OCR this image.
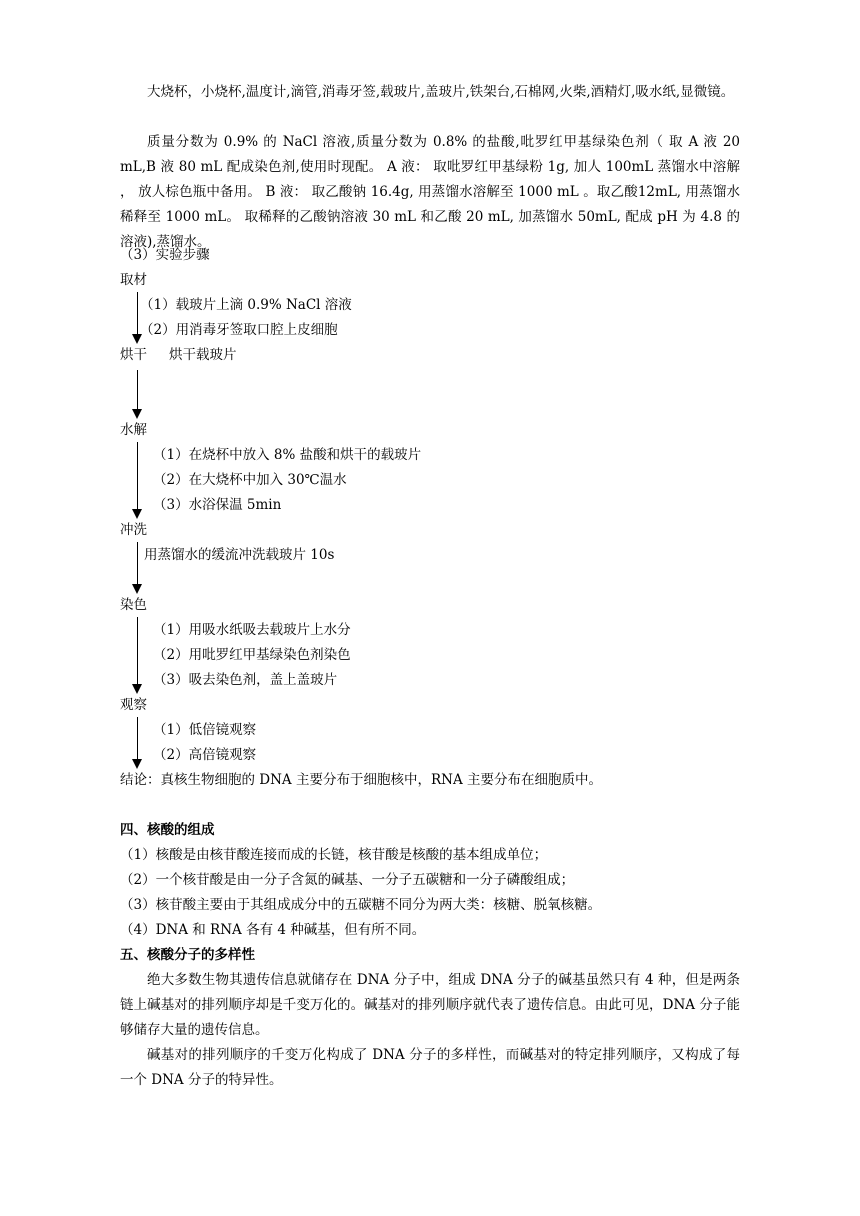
大烧杯，小烧杯,温度计,滴管,消毒牙签,载玻片,盖玻片,铁架台,石棉网,火柴,酒精灯,吸水纸,显微镜。
质量分数为 0.9% 的 NaCl 溶液,质量分数为 0.8% 的盐酸,吡罗红甲基绿染色剂（ 取 A 液 20 mL,B 液 80 mL 配成染色剂,使用时现配。 A 液： 取吡罗红甲基绿粉 1g, 加人 100mL 蒸馏水中溶解 ， 放人棕色瓶中备用。 B 液： 取乙酸钠 16.4g, 用蒸馏水溶解至 1000 mL 。取乙酸12mL, 用蒸馏水稀释至 1000 mL。 取稀释的乙酸钠溶液 30 mL 和乙酸 20 mL, 加蒸馏水 50mL, 配成 pH 为 4.8 的溶液),蒸馏水。
（3）实验步骤
取材
（1）载玻片上滴 0.9% NaCl 溶液
（2）用消毒牙签取口腔上皮细胞
烘干 烘干载玻片
水解
（1）在烧杯中放入 8% 盐酸和烘干的载玻片
（2）在大烧杯中加入 30℃温水
（3）水浴保温 5min
冲洗
用蒸馏水的缓流冲洗载玻片 10s
染色
（1）用吸水纸吸去载玻片上水分
（2）用吡罗红甲基绿染色剂染色
（3）吸去染色剂，盖上盖玻片
观察
（1）低倍镜观察
（2）高倍镜观察
结论：真核生物细胞的 DNA 主要分布于细胞核中，RNA 主要分布在细胞质中。
四、核酸的组成
（1）核酸是由核苷酸连接而成的长链，核苷酸是核酸的基本组成单位；
（2）一个核苷酸是由一分子含氮的碱基、一分子五碳糖和一分子磷酸组成；
（3）核苷酸主要由于其组成成分中的五碳糖不同分为两大类：核糖、脱氧核糖。
（4）DNA 和 RNA 各有 4 种碱基，但有所不同。
五、核酸分子的多样性
绝大多数生物其遗传信息就储存在 DNA 分子中，组成 DNA 分子的碱基虽然只有 4 种，但是两条链上碱基对的排列顺序却是千变万化的。碱基对的排列顺序就代表了遗传信息。由此可见，DNA 分子能够储存大量的遗传信息。
碱基对的排列顺序的千变万化构成了 DNA 分子的多样性，而碱基对的特定排列顺序，又构成了每一个 DNA 分子的特异性。
